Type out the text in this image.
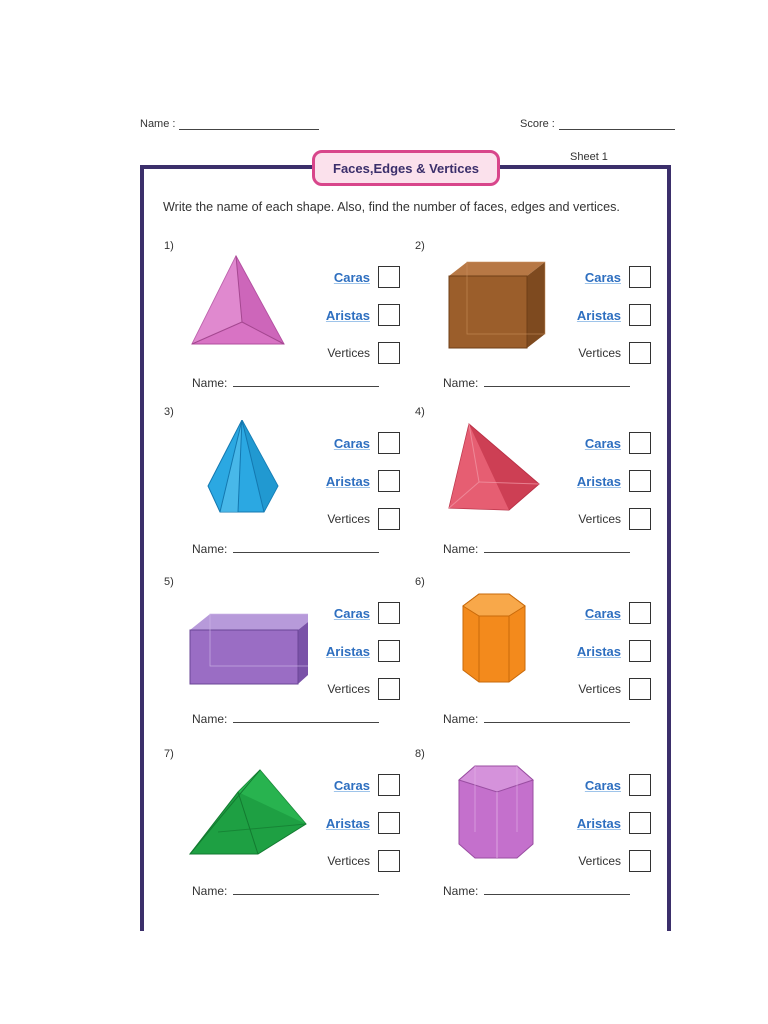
Name :	Score :
Sheet 1
Faces,Edges & Vertices
Write the name of each shape. Also, find the number of faces, edges and vertices.
1)
Caras
Aristas
Vertices
Name:
2)
Caras
Aristas
Vertices
Name:
3)
Caras
Aristas
Vertices
Name:
4)
Caras
Aristas
Vertices
Name:
5)
Caras
Aristas
Vertices
Name:
6)
Caras
Aristas
Vertices
Name:
7)
Caras
Aristas
Vertices
Name:
8)
Caras
Aristas
Vertices
Name:
